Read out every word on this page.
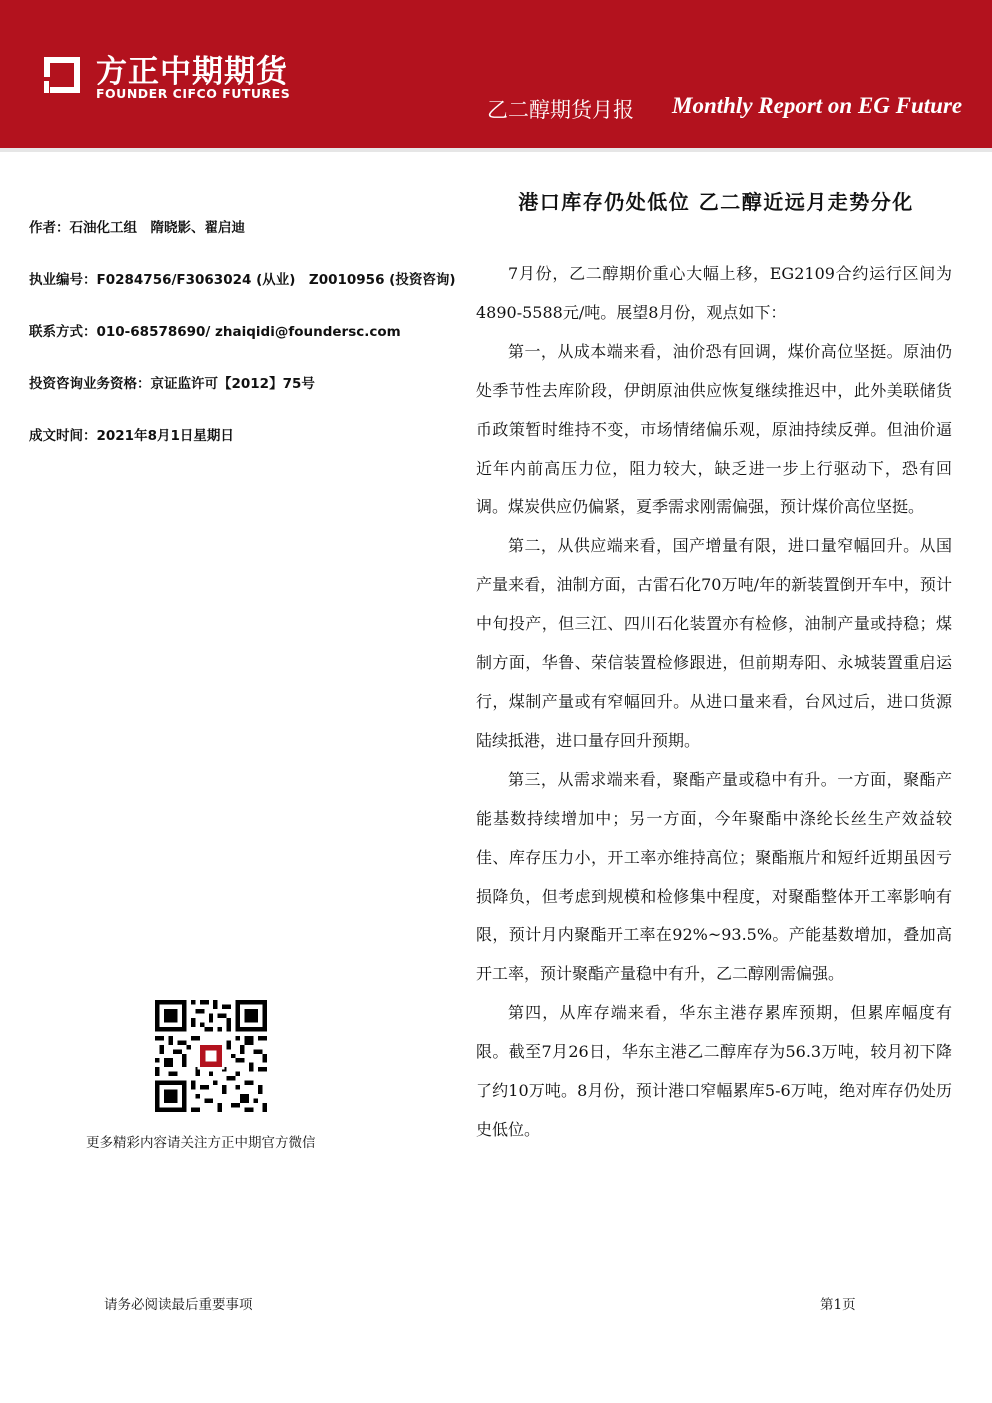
方正中期期货
FOUNDER CIFCO FUTURES
乙二醇期货月报 Monthly Report on EG Future
作者：石油化工组　隋晓影、翟启迪
执业编号：F0284756/F3063024 (从业)　Z0010956 (投资咨询)
联系方式：010-68578690/ zhaiqidi@foundersc.com
投资咨询业务资格：京证监许可【2012】75号
成文时间：2021年8月1日星期日
港口库存仍处低位 乙二醇近远月走势分化

7月份，乙二醇期价重心大幅上移，EG2109合约运行区间为4890-5588元/吨。展望8月份，观点如下：

第一，从成本端来看，油价恐有回调，煤价高位坚挺。原油仍处季节性去库阶段，伊朗原油供应恢复继续推迟中，此外美联储货币政策暂时维持不变，市场情绪偏乐观，原油持续反弹。但油价逼近年内前高压力位，阻力较大，缺乏进一步上行驱动下，恐有回调。煤炭供应仍偏紧，夏季需求刚需偏强，预计煤价高位坚挺。

第二，从供应端来看，国产增量有限，进口量窄幅回升。从国产量来看，油制方面，古雷石化70万吨/年的新装置倒开车中，预计中旬投产，但三江、四川石化装置亦有检修，油制产量或持稳；煤制方面，华鲁、荣信装置检修跟进，但前期寿阳、永城装置重启运行，煤制产量或有窄幅回升。从进口量来看，台风过后，进口货源陆续抵港，进口量存回升预期。

第三，从需求端来看，聚酯产量或稳中有升。一方面，聚酯产能基数持续增加中；另一方面，今年聚酯中涤纶长丝生产效益较佳、库存压力小，开工率亦维持高位；聚酯瓶片和短纤近期虽因亏损降负，但考虑到规模和检修集中程度，对聚酯整体开工率影响有限，预计月内聚酯开工率在92%~93.5%。产能基数增加，叠加高开工率，预计聚酯产量稳中有升，乙二醇刚需偏强。

第四，从库存端来看，华东主港存累库预期，但累库幅度有限。截至7月26日，华东主港乙二醇库存为56.3万吨，较月初下降了约10万吨。8月份，预计港口窄幅累库5-6万吨，绝对库存仍处历史低位。

更多精彩内容请关注方正中期官方微信
请务必阅读最后重要事项	第1页
